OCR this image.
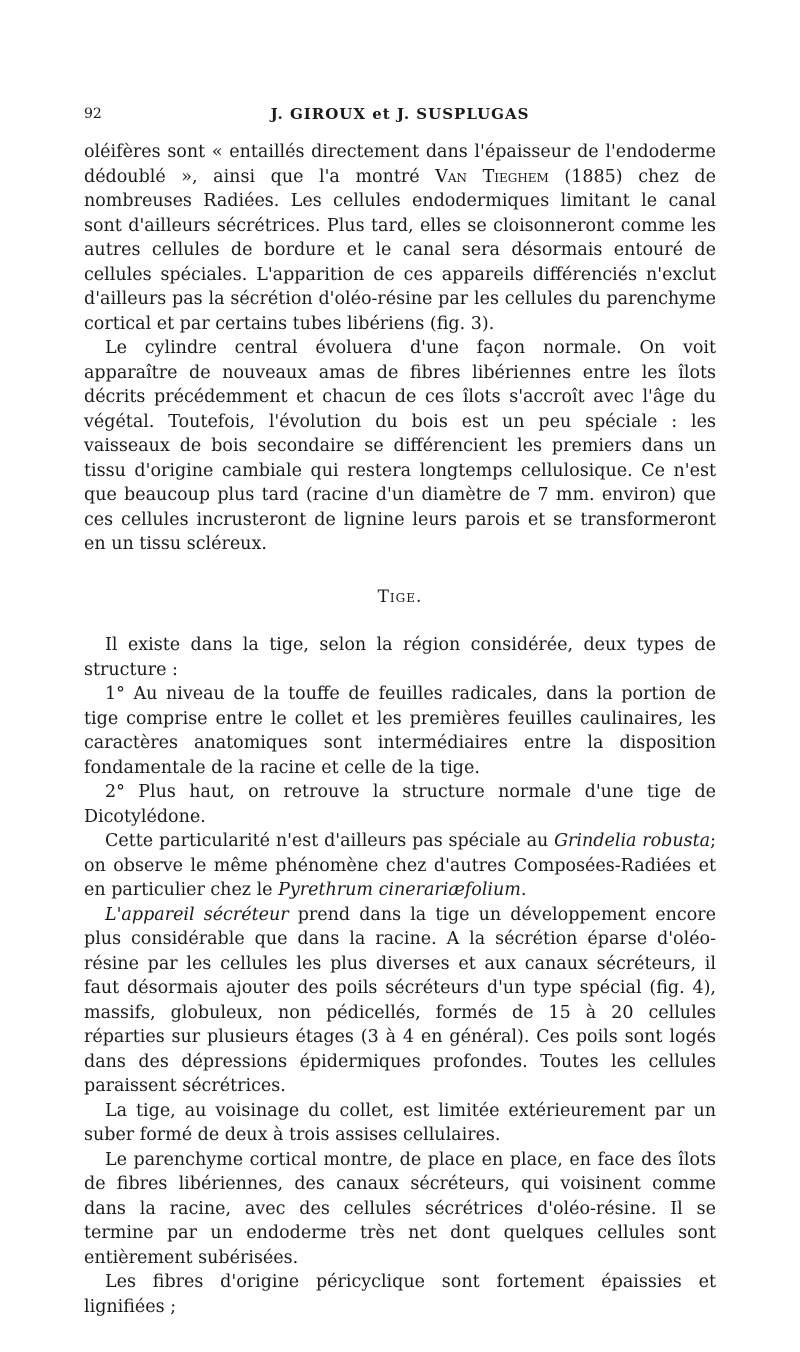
92	J. GIROUX et J. SUSPLUGAS

oléifères sont « entaillés directement dans l'épaisseur de l'endoderme dédoublé », ainsi que l'a montré Van Tieghem (1885) chez de nombreuses Radiées. Les cellules endodermiques limitant le canal sont d'ailleurs sécrétrices. Plus tard, elles se cloisonneront comme les autres cellules de bordure et le canal sera désormais entouré de cellules spéciales. L'apparition de ces appareils différenciés n'exclut d'ailleurs pas la sécrétion d'oléo-résine par les cellules du parenchyme cortical et par certains tubes libériens (fig. 3).

Le cylindre central évoluera d'une façon normale. On voit apparaître de nouveaux amas de fibres libériennes entre les îlots décrits précédemment et chacun de ces îlots s'accroît avec l'âge du végétal. Toutefois, l'évolution du bois est un peu spéciale : les vaisseaux de bois secondaire se différencient les premiers dans un tissu d'origine cambiale qui restera longtemps cellulosique. Ce n'est que beaucoup plus tard (racine d'un diamètre de 7 mm. environ) que ces cellules incrusteront de lignine leurs parois et se transformeront en un tissu scléreux.

Tige.

Il existe dans la tige, selon la région considérée, deux types de structure :

1° Au niveau de la touffe de feuilles radicales, dans la portion de tige comprise entre le collet et les premières feuilles caulinaires, les caractères anatomiques sont intermédiaires entre la disposition fondamentale de la racine et celle de la tige.

2° Plus haut, on retrouve la structure normale d'une tige de Dicotylédone.

Cette particularité n'est d'ailleurs pas spéciale au Grindelia robusta; on observe le même phénomène chez d'autres Composées-Radiées et en particulier chez le Pyrethrum cinerariæfolium.

L'appareil sécréteur prend dans la tige un développement encore plus considérable que dans la racine. A la sécrétion éparse d'oléo-résine par les cellules les plus diverses et aux canaux sécréteurs, il faut désormais ajouter des poils sécréteurs d'un type spécial (fig. 4), massifs, globuleux, non pédicellés, formés de 15 à 20 cellules réparties sur plusieurs étages (3 à 4 en général). Ces poils sont logés dans des dépressions épidermiques profondes. Toutes les cellules paraissent sécrétrices.

La tige, au voisinage du collet, est limitée extérieurement par un suber formé de deux à trois assises cellulaires.

Le parenchyme cortical montre, de place en place, en face des îlots de fibres libériennes, des canaux sécréteurs, qui voisinent comme dans la racine, avec des cellules sécrétrices d'oléo-résine. Il se termine par un endoderme très net dont quelques cellules sont entièrement subérisées.

Les fibres d'origine péricyclique sont fortement épaissies et lignifiées ;
